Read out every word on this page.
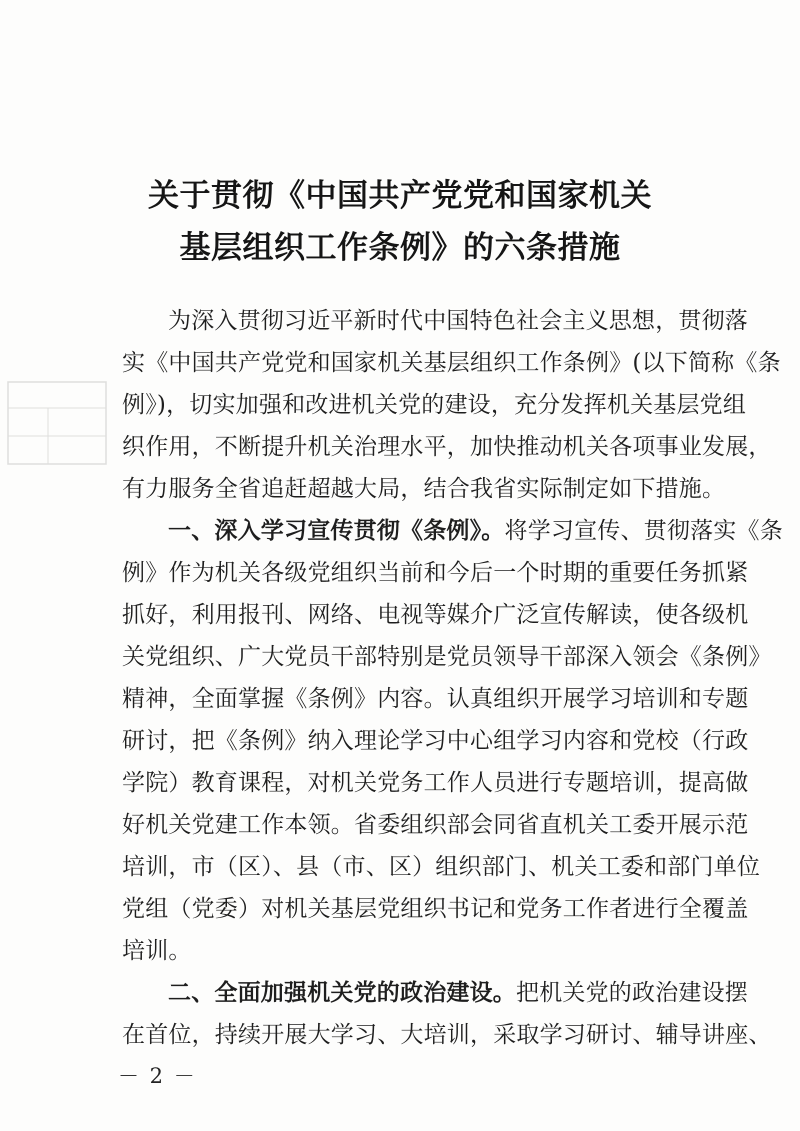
关于贯彻《中国共产党党和国家机关
基层组织工作条例》的六条措施
为深入贯彻习近平新时代中国特色社会主义思想，贯彻落
实《中国共产党党和国家机关基层组织工作条例》(以下简称《条
例》)，切实加强和改进机关党的建设，充分发挥机关基层党组
织作用，不断提升机关治理水平，加快推动机关各项事业发展，
有力服务全省追赶超越大局，结合我省实际制定如下措施。
一、深入学习宣传贯彻《条例》。将学习宣传、贯彻落实《条
例》作为机关各级党组织当前和今后一个时期的重要任务抓紧
抓好，利用报刊、网络、电视等媒介广泛宣传解读，使各级机
关党组织、广大党员干部特别是党员领导干部深入领会《条例》
精神，全面掌握《条例》内容。认真组织开展学习培训和专题
研讨，把《条例》纳入理论学习中心组学习内容和党校（行政
学院）教育课程，对机关党务工作人员进行专题培训，提高做
好机关党建工作本领。省委组织部会同省直机关工委开展示范
培训，市（区）、县（市、区）组织部门、机关工委和部门单位
党组（党委）对机关基层党组织书记和党务工作者进行全覆盖
培训。
二、全面加强机关党的政治建设。把机关党的政治建设摆
在首位，持续开展大学习、大培训，采取学习研讨、辅导讲座、
－ 2 －
